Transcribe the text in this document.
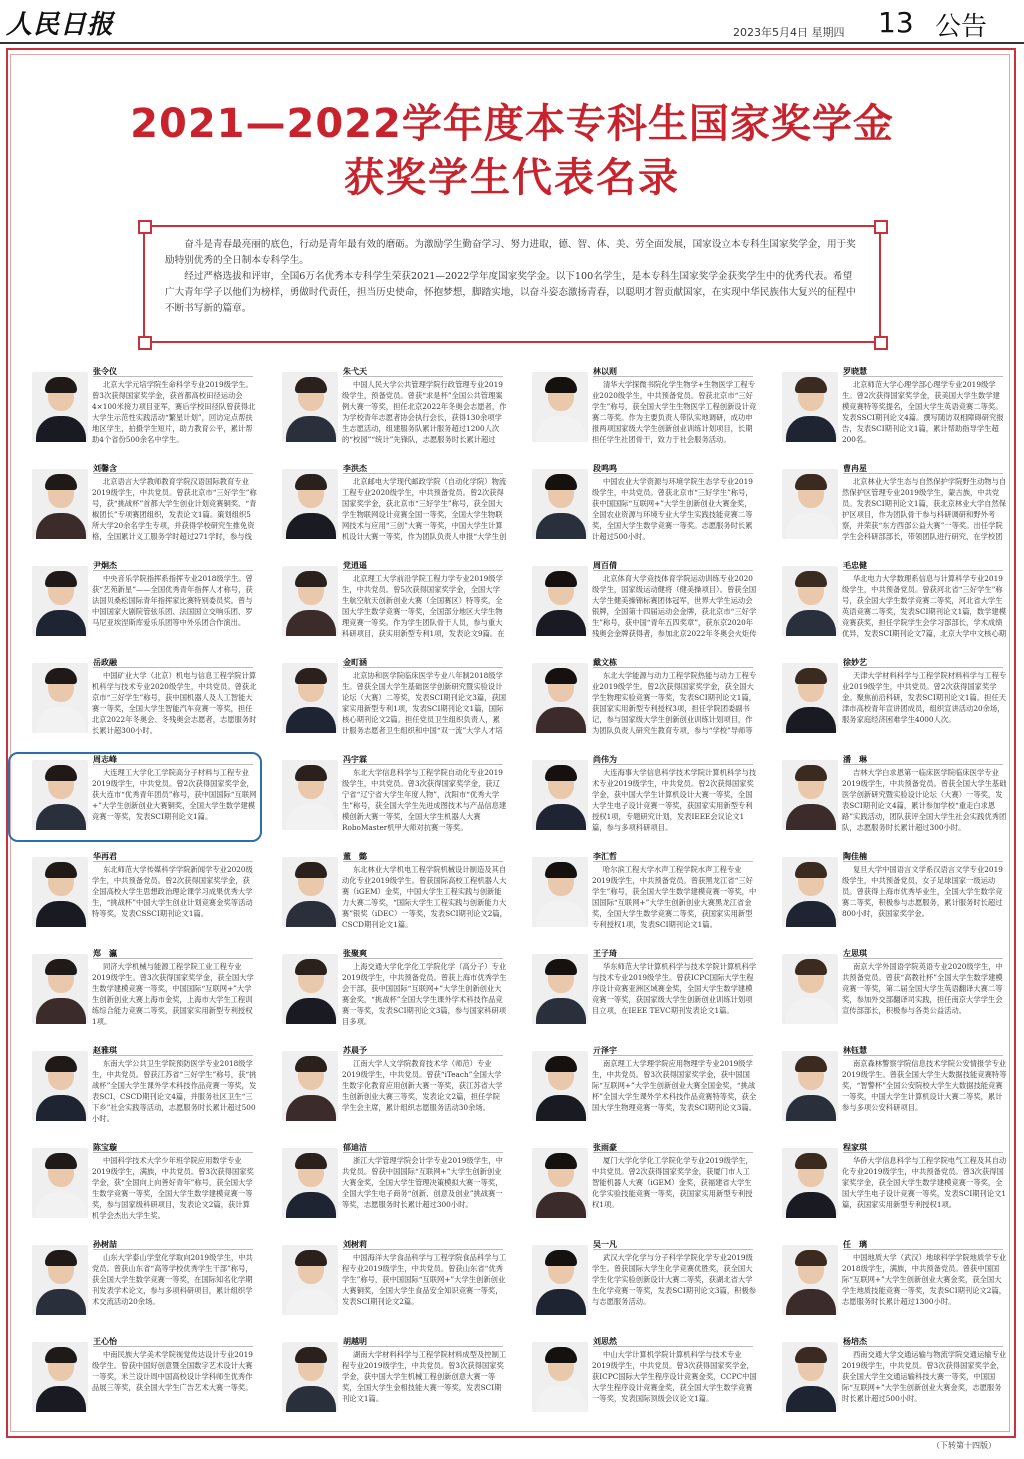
人民日报	2023年5月4日 星期四 13 公告
2021—2022学年度本专科生国家奖学金
获奖学生代表名录

奋斗是青春最亮丽的底色，行动是青年最有效的磨砺。为激励学生勤奋学习、努力进取，德、智、体、美、劳全面发展，国家设立本专科生国家奖学金，用于奖励特别优秀的全日制本专科学生。

经过严格选拔和评审，全国6万名优秀本专科学生荣获2021—2022学年度国家奖学金。以下100名学生，是本专科生国家奖学金获奖学生中的优秀代表。希望广大青年学子以他们为榜样，勇做时代责任，担当历史使命，怀抱梦想，脚踏实地，以奋斗姿态激扬青春，以聪明才智贡献国家，在实现中华民族伟大复兴的征程中不断书写新的篇章。

张令仪
北京大学元培学院生命科学专业2019级学生。曾3次获得国家奖学金，获首都高校田径运动会4×100米接力项目亚军，赛后学校田径队曾获得北大学生示范性实践活动“繁星计划”，回访定点帮扶地区学生，拍摄学生短片，助力教育公平，累计帮助4个省份500余名中学生。
朱弋天
中国人民大学公共管理学院行政管理专业2019级学生，预备党员。曾获“求是杯”全国公共管理案例大赛一等奖，担任北京2022年冬奥会志愿者，作为学校青年志愿者协会执行会长，获得130余项学生志愿活动，组建服务队累计服务超过1200人次的“校园”“统计”先锋队，志愿服务时长累计超过
林以则
清华大学探微书院化学生物学+生物医学工程专业2020级学生，中共预备党员。曾获北京市“三好学生”称号，获全国大学生生物医学工程创新设计竞赛二等奖。作为主要负责人带队实地调研，成功申报两项国家级大学生创新创业训练计划项目，长期担任学生社团骨干，致力于社会服务活动。
罗晓慧
北京师范大学心理学部心理学专业2019级学生。曾2次获得国家奖学金，获美国大学生数学建模竞赛特等奖提名，全国大学生英语竞赛二等奖。发表SSCI期刊论文4篇。撰写随访双相障碍研究报告，发表SCI期刊论文1篇，累计帮助指导学生超200名。
刘馨含
北京语言大学教师教育学院汉语国际教育专业2019级学生，中共党员。曾获北京市“三好学生”称号，获“挑战杯”首都大学生创业计划竞赛铜奖、“青椒团长”专项赛团组织，发表论文1篇。策划组织5所大学20余名学生专项，并获得学校研究生推免资格，全国累计义工服务学时超过271学时，参与线
李洪杰
北京邮电大学现代邮政学院（自动化学院）物流工程专业2020级学生，中共预备党员。曾2次获得国家奖学金，获北京市“三好学生”称号，获全国大学生物联网设计竞赛全国一等奖，全国大学生物联网技术与应用“三创”大赛一等奖，中国大学生计算机设计大赛一等奖，作为团队负责人申报“大学生创
段鸣鸣
中国农业大学资源与环境学院生态学专业2019级学生，中共党员。曾获北京市“三好学生”称号，获中国国际“互联网+”大学生创新创业大赛金奖，全国农业资源与环境专业大学生实践技能竞赛二等奖，全国大学生数学竞赛一等奖。志愿服务时长累计超过500小时。
曹冉星
北京林业大学生态与自然保护学院野生动物与自然保护区管理专业2019级学生，蒙古族，中共党员。发表SCI期刊论文1篇，获北京林业大学自然保护区项目，作为团队骨干参与科研调研和野外考察，并荣获“东方西部公益大赛”一等奖。出任学院学生会科研部部长，带领团队进行研究，在学校团
尹炯杰
中央音乐学院指挥系指挥专业2018级学生。曾获“艺苑新星”——全国优秀青年指挥人才称号，获法国贝桑松国际青年指挥家比赛特别委员奖。曾与中国国家大剧院管弦乐团、法国国立交响乐团、罗马尼亚埃涅斯库爱乐乐团等中外乐团合作演出。
党逍遥
北京理工大学前沿学院工程力学专业2019级学生，中共党员。曾5次获得国家奖学金，全国大学生航空航天创新创业大赛（全国赛区）特等奖，全国大学生数学竞赛一等奖，全国部分地区大学生物理竞赛一等奖。作为学生团队骨干人员，参与重大科研项目，获实用新型专利1项，发表论文9篇。在
周百倩
北京体育大学竞技体育学院运动训练专业2020级学生，国家级运动健将（健美操项目）。曾获全国大学生健美操锦标赛团体冠军，世界大学生运动会银牌，全国第十四届运动会金牌，获北京市“三好学生”称号，获中国“青年五四奖章”，获东京2020年残奥会金牌获得者，参加北京2022年冬奥会火炬传
毛忠健
华北电力大学数理系信息与计算科学专业2019级学生，中共预备党员。曾获河北省“三好学生”称号，获全国大学生数学竞赛二等奖，河北省大学生英语竞赛二等奖，发表SCI期刊论文1篇，数学建模竞赛获奖，担任学院学生会学习部部长，学术成绩优异，发表SCI期刊论文7篇，北京大学中文核心期
岳政融
中国矿业大学（北京）机电与信息工程学院计算机科学与技术专业2020级学生，中共党员。曾获北京市“三好学生”称号，获中国机器人及人工智能大赛一等奖，全国大学生智能汽车竞赛一等奖，担任北京2022年冬奥会、冬残奥会志愿者，志愿服务时长累计超300小时。
金町涵
北京协和医学院临床医学专业八年制2018级学生。曾获全国大学生基础医学创新研究暨实验设计论坛（大赛）二等奖，发表SCI期刊论文3篇，获国家实用新型专利1项，发表SCI期刊论文1篇，国际核心期刊论文2篇。担任党员卫生组织负责人，累计服务志愿者卫生组织和中国“双一流”大学人才培
戴文栋
东北大学能源与动力工程学院热能与动力工程专业2019级学生。曾2次获得国家奖学金，获全国大学生物理实验竞赛一等奖，发表SCI期刊论文1篇，获国家实用新型专利授权3项，担任学院团委副书记，参与国家级大学生创新创业训练计划项目，作为团队负责人研究生教育专项，参与“学校”导师等
徐妙艺
天津大学材料科学与工程学院材料科学与工程专业2019级学生，中共党员。曾2次获得国家奖学金。聚焦前沿科研，发表SCI期刊论文1篇。担任天津市高校青年宣讲团成员，组织宣讲活动20余场，服务家庭经济困难学生4000人次。
周志峰
大连理工大学化工学院高分子材料与工程专业2019级学生，中共党员。曾2次获得国家奖学金，获大连市“优秀青年团员”称号，获中国国际“互联网+”大学生创新创业大赛铜奖，全国大学生数学建模竞赛一等奖，发表SCI期刊论文1篇。
冯宇霖
东北大学信息科学与工程学院自动化专业2019级学生，中共党员。曾3次获得国家奖学金，获辽宁省“辽宁省大学生年度人物”，沈阳市“优秀大学生”称号，获全国大学生先进成图技术与产品信息建模创新大赛一等奖，全国大学生机器人大赛RoboMaster机甲大师对抗赛一等奖。
尚伟为
大连海事大学信息科学技术学院计算机科学与技术专业2019级学生，中共党员。曾2次获得国家奖学金，获中国大学生计算机设计大赛一等奖，全国大学生电子设计竞赛一等奖，获国家实用新型专利授权1项，专题研究计划，发表IEEE会议论文1篇，参与多项科研项目。
潘　琳
吉林大学白求恩第一临床医学院临床医学专业2019级学生，中共预备党员。曾获全国大学生基础医学创新研究暨实验设计论坛（大赛）一等奖，发表SCI期刊论文4篇，累计参加学校“重走白求恩路”实践活动，团队获评全国大学生社会实践优秀团队，志愿服务时长累计超过300小时。
华再君
东北师范大学传媒科学学院新闻学专业2020级学生，中共预备党员。曾2次获得国家奖学金，获全国高校大学生思想政治理论课学习成果优秀大学生，“挑战杯”中国大学生创业计划竞赛金奖等活动特等奖，发表CSSCI期刊论文1篇。
董　懿
东北林业大学机电工程学院机械设计制造及其自动化专业2019级学生。曾获国际高校工程机器人大赛（iGEM）金奖，中国大学生工程实践与创新能力大赛二等奖，“国际大学生工程实践与创新能力大赛”银奖（iDEC）一等奖，发表SCI期刊论文2篇，CSCD期刊论文1篇。
李汇哲
哈尔滨工程大学水声工程学院水声工程专业2019级学生，中共预备党员。曾获黑龙江省“三好学生”称号，获全国大学生数学建模竞赛一等奖，中国国际“互联网+”大学生创新创业大赛黑龙江省金奖，全国大学生数学竞赛二等奖，获国家实用新型专利授权1项，发表SCI期刊论文1篇。
陶佳楠
复旦大学中国语言文学系汉语言文学专业2019级学生，中共预备党员，女子足球国家一级运动员。曾获得上海市优秀毕业生，全国大学生数学竞赛二等奖，积极参与志愿服务，累计服务时长超过800小时，获国家奖学金。
郑　瀛
同济大学机械与能源工程学院工业工程专业2019级学生。曾3次获得国家奖学金，获全国大学生数学建模竞赛一等奖，中国国际“互联网+”大学生创新创业大赛上海市金奖，上海市大学生工程训练综合能力竞赛二等奖，获国家实用新型专利授权1项。
张聚爽
上海交通大学化学化工学院化学（高分子）专业2019级学生，中共预备党员。曾获上海市优秀学生会干部，获中国国际“互联网+”大学生创新创业大赛金奖，“挑战杯”全国大学生课外学术科技作品竞赛一等奖，发表SCI期刊论文3篇，参与国家科研项目多项。
王子琦
华东师范大学计算机科学与技术学院计算机科学与技术专业2019级学生。曾获ICPC国际大学生程序设计竞赛亚洲区域赛金奖，全国大学生数学建模竞赛一等奖，获国家级大学生创新创业训练计划项目立项，在IEEE TEVC期刊发表论文1篇。
左思琪
南京大学外国语学院英语专业2020级学生，中共预备党员。曾获“高教社杯”全国大学生数学建模竞赛一等奖，第二届全国大学生英语翻译大赛二等奖，参加外交部翻译司实践，担任南京大学学生会宣传部部长，积极参与各类公益活动。
赵雅琪
东南大学公共卫生学院预防医学专业2018级学生，中共党员。曾获江苏省“三好学生”称号，获“挑战杯”全国大学生课外学术科技作品竞赛一等奖，发表SCI、CSCD期刊论文4篇，并服务社区卫生“三下乡”社会实践等活动，志愿服务时长累计超过500小时。
苏晨予
江南大学人文学院教育技术学（师范）专业2019级学生，中共党员。曾获“iTeach”全国大学生数字化教育应用创新大赛一等奖，获江苏省大学生创新创业大赛三等奖，发表论文2篇，担任学院学生会主席，累计组织志愿服务活动30余场。
亓泽宇
南京理工大学理学院应用物理学专业2019级学生，中共党员。曾3次获得国家奖学金，获中国国际“互联网+”大学生创新创业大赛全国金奖，“挑战杯”全国大学生课外学术科技作品竞赛特等奖，获全国大学生物理竞赛一等奖，发表SCI期刊论文3篇。
林钰慧
南京森林警察学院信息技术学院公安情报学专业2019级学生。曾获全国大学生大数据技能竞赛特等奖，“智警杯”全国公安院校大学生大数据技能竞赛一等奖，中国大学生计算机设计大赛二等奖，累计参与多项公安科研项目。
陈宝璇
中国科学技术大学少年班学院应用数学专业2019级学生，满族，中共党员。曾3次获得国家奖学金，获“全国向上向善好青年”称号，获全国大学生数学竞赛一等奖，全国大学生数学建模竞赛一等奖，参与国家级科研项目，发表论文2篇，获计算机学会杰出大学生奖。
郁迪洁
浙江大学管理学院会计学专业2019级学生，中共党员。曾获中国国际“互联网+”大学生创新创业大赛金奖，全国大学生管理决策模拟大赛一等奖，全国大学生电子商务“创新、创意及创业”挑战赛一等奖，志愿服务时长累计超过300小时。
张雨豪
厦门大学化学化工学院化学专业2019级学生，中共党员。曾2次获得国家奖学金，获厦门市人工智能机器人大赛（iGEM）金奖，获福建省大学生化学实验技能竞赛一等奖，获国家实用新型专利授权1项。
程家琪
华侨大学信息科学与工程学院电气工程及其自动化专业2019级学生，中共预备党员。曾3次获得国家奖学金，获全国大学生数学建模竞赛一等奖，全国大学生电子设计竞赛一等奖，发表SCI期刊论文1篇，获国家实用新型专利授权1项。
孙树喆
山东大学泰山学堂化学取向2019级学生，中共党员。曾获山东省“高等学校优秀学生干部”称号，获全国大学生数学竞赛一等奖，在国际知名化学期刊发表学术论文，参与多项科研项目，累计组织学术交流活动20余场。
刘树莉
中国海洋大学食品科学与工程学院食品科学与工程专业2019级学生，中共党员。曾获山东省“优秀学生”称号，获中国国际“互联网+”大学生创新创业大赛铜奖，全国大学生食品安全知识竞赛一等奖，发表SCI期刊论文2篇。
吴一凡
武汉大学化学与分子科学学院化学专业2019级学生。曾获国际大学生化学竞赛优胜奖，获全国大学生化学实验创新设计大赛二等奖，获湖北省大学生化学竞赛一等奖，发表SCI期刊论文3篇，积极参与志愿服务活动。
任　璃
中国地质大学（武汉）地球科学学院地质学专业2018级学生，满族，中共预备党员。曾获中国国际“互联网+”大学生创新创业大赛金奖，获全国大学生地质技能竞赛一等奖，发表SCI期刊论文2篇，志愿服务时长累计超过1300小时。
王心怡
中南民族大学美术学院视觉传达设计专业2019级学生。曾获中国好创意暨全国数字艺术设计大赛一等奖，米兰设计周中国高校设计学科师生优秀作品展三等奖，获全国大学生广告艺术大赛一等奖。
胡越明
湖南大学材料科学与工程学院材料成型及控制工程专业2019级学生，中共党员。曾3次获得国家奖学金，获中国大学生机械工程创新创意大赛一等奖，全国大学生金相技能大赛一等奖，发表SCI期刊论文1篇。
刘思然
中山大学计算机学院计算机科学与技术专业2019级学生，中共党员。曾3次获得国家奖学金，获ICPC国际大学生程序设计竞赛金奖，CCPC中国大学生程序设计竞赛金奖，获全国大学生数学竞赛一等奖，发表国际顶级会议论文1篇。
杨培杰
西南交通大学交通运输与物流学院交通运输专业2019级学生，中共党员。曾3次获得国家奖学金，获全国大学生交通运输科技大赛一等奖，中国国际“互联网+”大学生创新创业大赛金奖，志愿服务时长累计超过500小时。
（下转第十四版）
